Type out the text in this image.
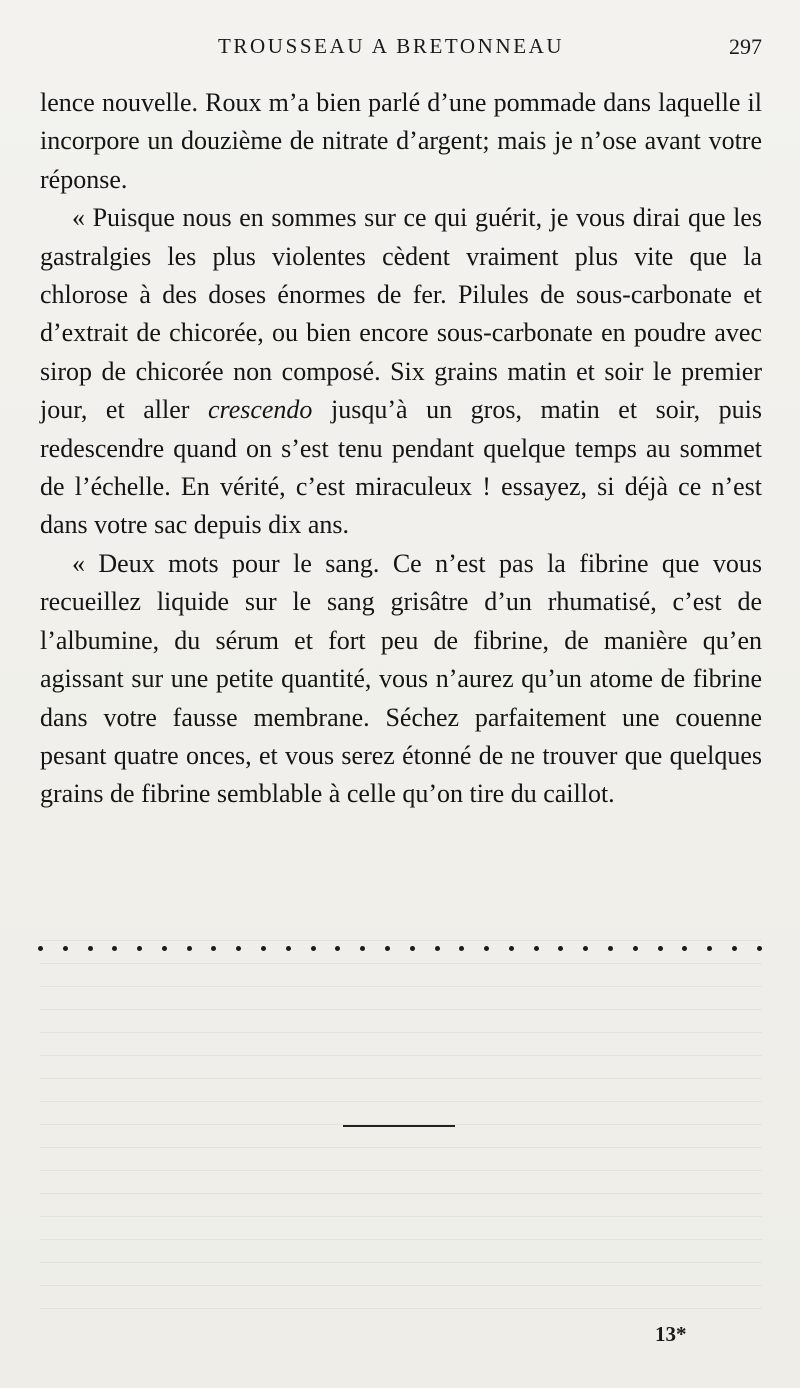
TROUSSEAU A BRETONNEAU	297

lence nouvelle. Roux m’a bien parlé d’une pommade dans laquelle il incorpore un douzième de nitrate d’argent; mais je n’ose avant votre réponse.

« Puisque nous en sommes sur ce qui guérit, je vous dirai que les gastralgies les plus violentes cèdent vraiment plus vite que la chlorose à des doses énormes de fer. Pilules de sous-carbonate et d’extrait de chicorée, ou bien encore sous-carbonate en poudre avec sirop de chicorée non composé. Six grains matin et soir le premier jour, et aller crescendo jusqu’à un gros, matin et soir, puis redescendre quand on s’est tenu pendant quelque temps au sommet de l’échelle. En vérité, c’est miraculeux ! essayez, si déjà ce n’est dans votre sac depuis dix ans.

« Deux mots pour le sang. Ce n’est pas la fibrine que vous recueillez liquide sur le sang grisâtre d’un rhumatisé, c’est de l’albumine, du sérum et fort peu de fibrine, de manière qu’en agissant sur une petite quantité, vous n’aurez qu’un atome de fibrine dans votre fausse membrane. Séchez parfaitement une couenne pesant quatre onces, et vous serez étonné de ne trouver que quelques grains de fibrine semblable à celle qu’on tire du caillot.

13*
